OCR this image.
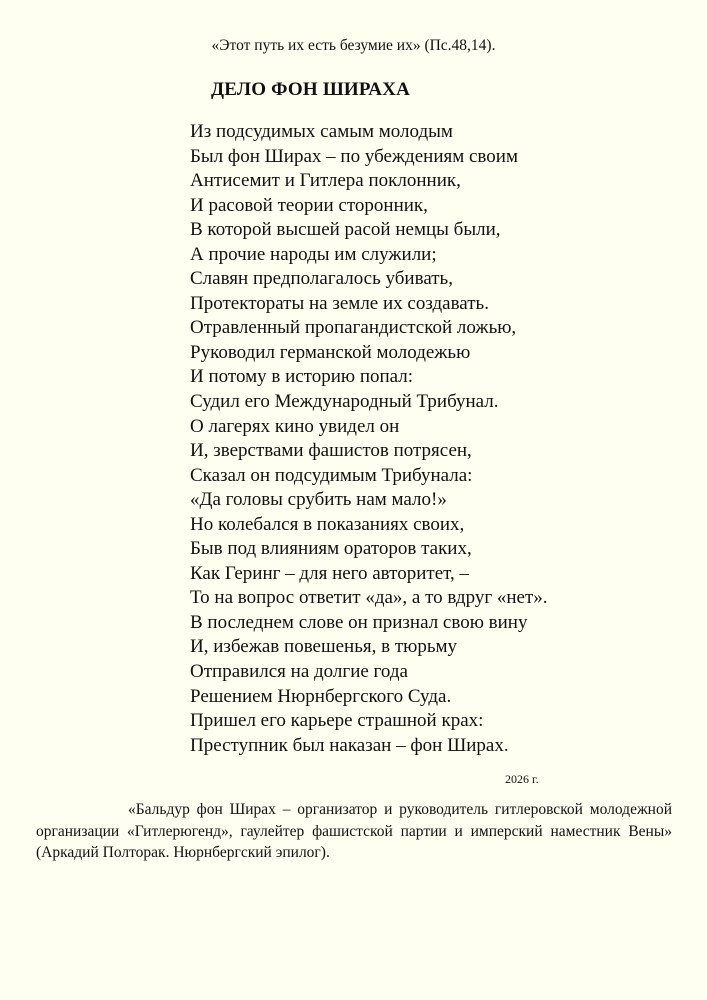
«Этот путь их есть безумие их» (Пс.48,14).
ДЕЛО ФОН ШИРАХА
Из подсудимых самым молодым
Был фон Ширах – по убеждениям своим
Антисемит и Гитлера поклонник,
И расовой теории сторонник,
В которой высшей расой немцы были,
А прочие народы им служили;
Славян предполагалось убивать,
Протектораты на земле их создавать.
Отравленный пропагандистской ложью,
Руководил германской молодежью
И потому в историю попал:
Судил его Международный Трибунал.
О лагерях кино увидел он
И, зверствами фашистов потрясен,
Сказал он подсудимым Трибунала:
«Да головы срубить нам мало!»
Но колебался в показаниях своих,
Быв под влияниям ораторов таких,
Как Геринг – для него авторитет, –
То на вопрос ответит «да», а то вдруг «нет».
В последнем слове он признал свою вину
И, избежав повешенья, в тюрьму
Отправился на долгие года
Решением Нюрнбергского Суда.
Пришел его карьере страшной крах:
Преступник был наказан – фон Ширах.
2026 г.

«Бальдур фон Ширах – организатор и руководитель гитлеровской молодежной организации «Гитлерюгенд», гаулейтер фашистской партии и имперский наместник Вены» (Аркадий Полторак. Нюрнбергский эпилог).
